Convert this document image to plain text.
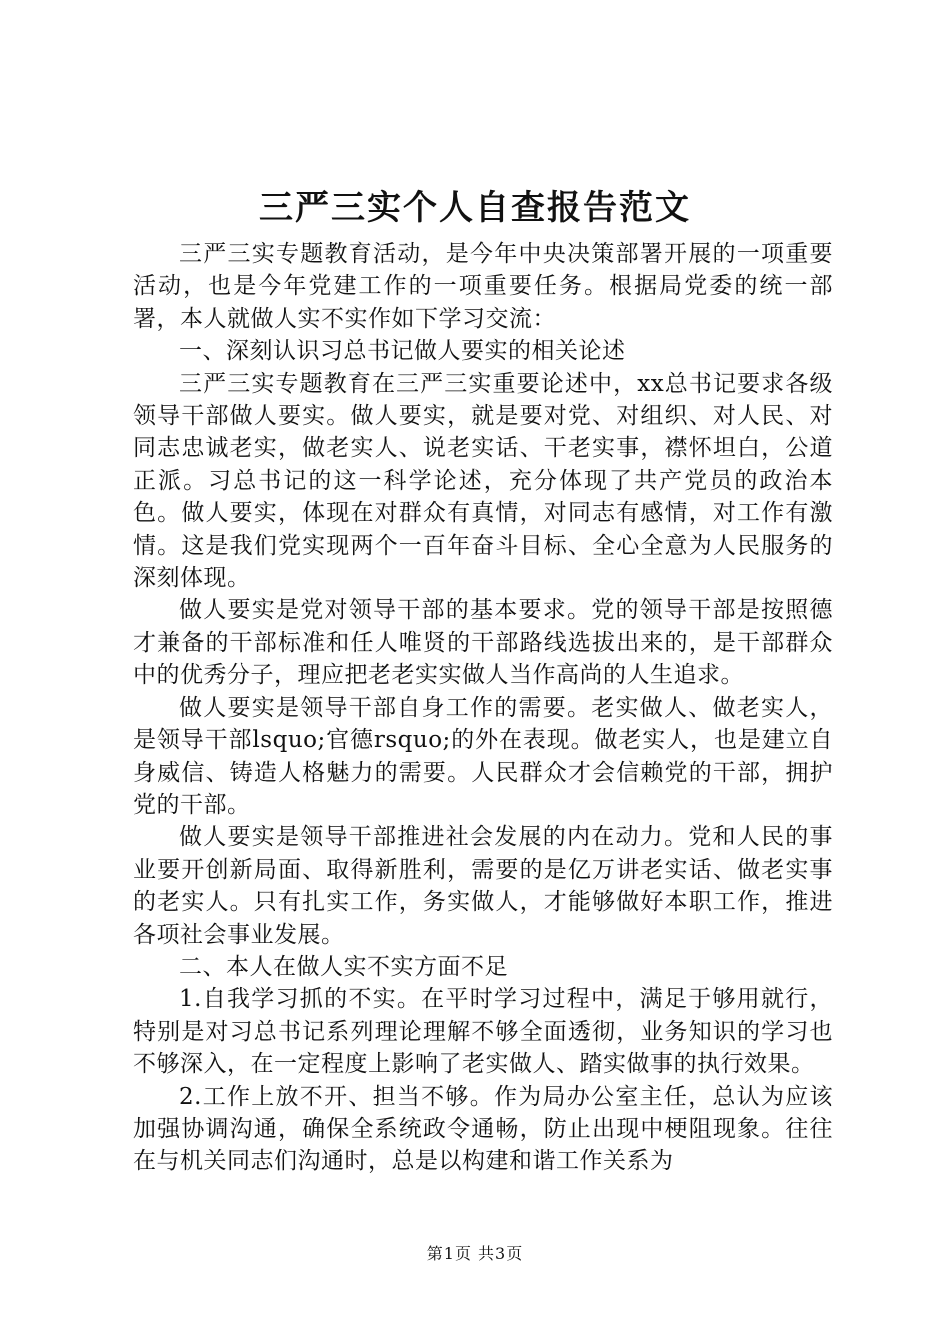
三严三实个人自查报告范文

三严三实专题教育活动，是今年中央决策部署开展的一项重要活动，也是今年党建工作的一项重要任务。根据局党委的统一部署，本人就做人实不实作如下学习交流：

一、深刻认识习总书记做人要实的相关论述

三严三实专题教育在三严三实重要论述中，xx总书记要求各级领导干部做人要实。做人要实，就是要对党、对组织、对人民、对同志忠诚老实，做老实人、说老实话、干老实事，襟怀坦白，公道正派。习总书记的这一科学论述，充分体现了共产党员的政治本色。做人要实，体现在对群众有真情，对同志有感情，对工作有激情。这是我们党实现两个一百年奋斗目标、全心全意为人民服务的深刻体现。

做人要实是党对领导干部的基本要求。党的领导干部是按照德才兼备的干部标准和任人唯贤的干部路线选拔出来的，是干部群众中的优秀分子，理应把老老实实做人当作高尚的人生追求。

做人要实是领导干部自身工作的需要。老实做人、做老实人，是领导干部lsquo;官德rsquo;的外在表现。做老实人，也是建立自身威信、铸造人格魅力的需要。人民群众才会信赖党的干部，拥护党的干部。

做人要实是领导干部推进社会发展的内在动力。党和人民的事业要开创新局面、取得新胜利，需要的是亿万讲老实话、做老实事的老实人。只有扎实工作，务实做人，才能够做好本职工作，推进各项社会事业发展。

二、本人在做人实不实方面不足

1.自我学习抓的不实。在平时学习过程中，满足于够用就行，特别是对习总书记系列理论理解不够全面透彻，业务知识的学习也不够深入，在一定程度上影响了老实做人、踏实做事的执行效果。

2.工作上放不开、担当不够。作为局办公室主任，总认为应该加强协调沟通，确保全系统政令通畅，防止出现中梗阻现象。往往在与机关同志们沟通时，总是以构建和谐工作关系为

第1页 共3页
